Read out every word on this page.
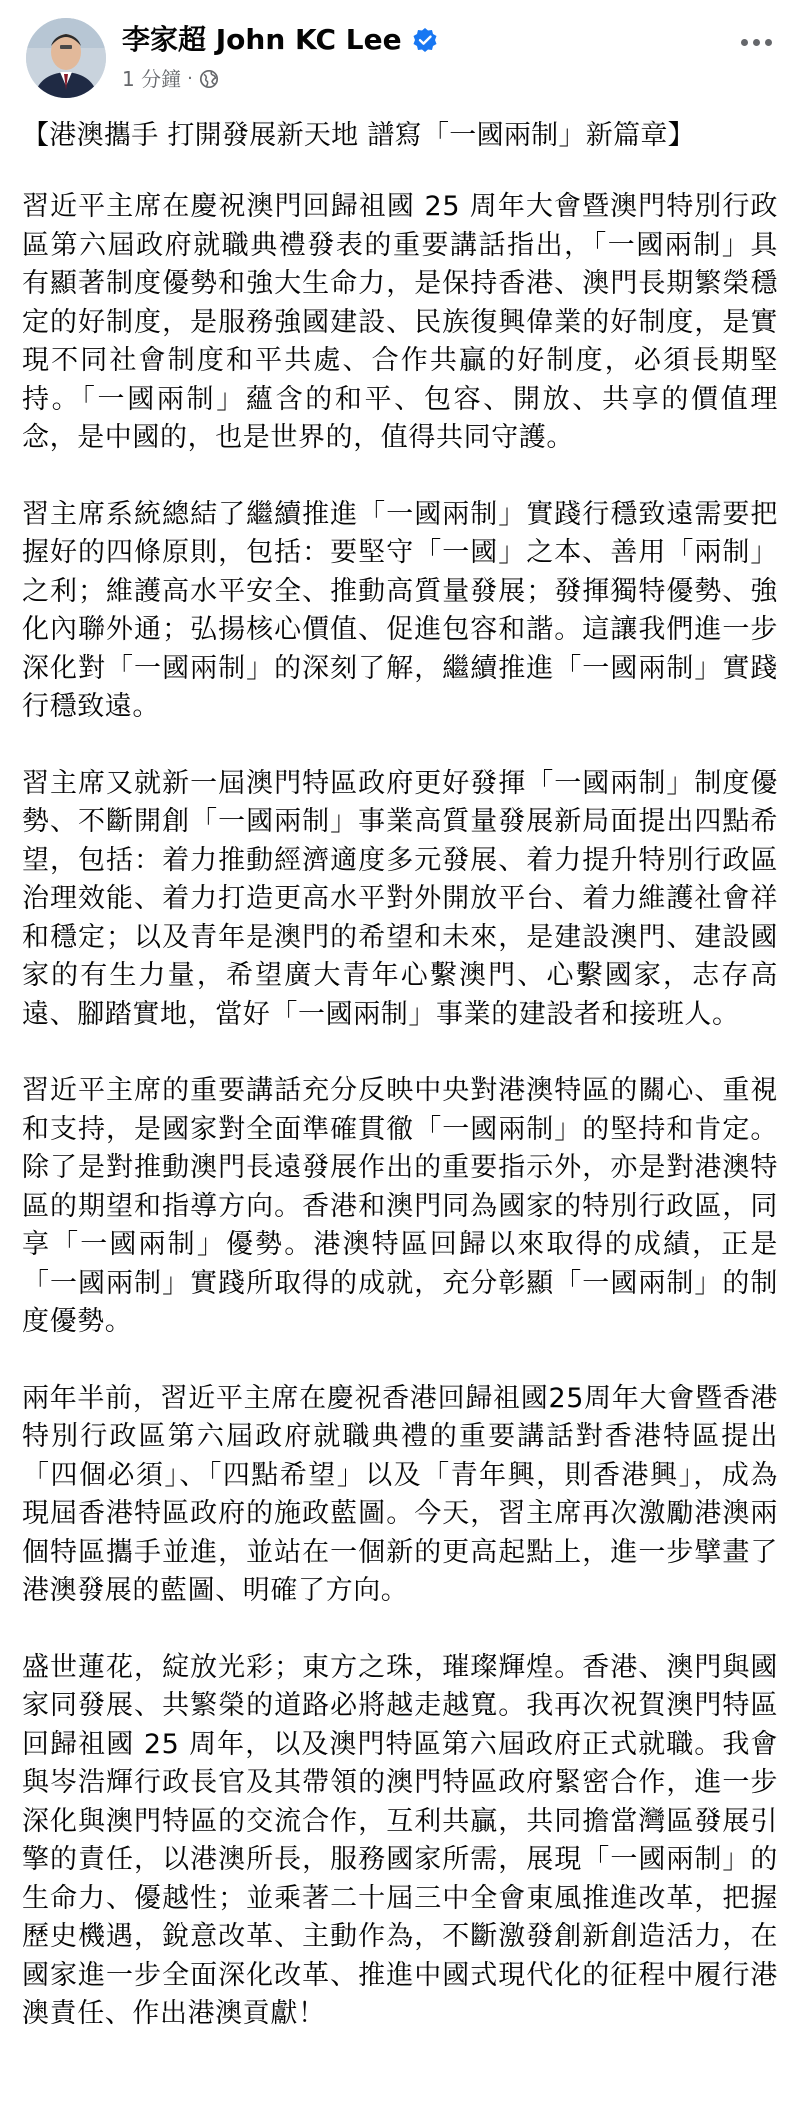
李家超 John KC Lee
1 分鐘 ·
【港澳攜手 打開發展新天地 譜寫「一國兩制」新篇章】
習近平主席在慶祝澳門回歸祖國 25 周年大會暨澳門特別行政區第六屆政府就職典禮發表的重要講話指出，「一國兩制」具有顯著制度優勢和強大生命力，是保持香港、澳門長期繁榮穩定的好制度，是服務強國建設、民族復興偉業的好制度，是實現不同社會制度和平共處、合作共贏的好制度，必須長期堅持。「一國兩制」蘊含的和平、包容、開放、共享的價值理念，是中國的，也是世界的，值得共同守護。
習主席系統總結了繼續推進「一國兩制」實踐行穩致遠需要把握好的四條原則，包括：要堅守「一國」之本、善用「兩制」之利；維護高水平安全、推動高質量發展；發揮獨特優勢、強化內聯外通；弘揚核心價值、促進包容和諧。這讓我們進一步深化對「一國兩制」的深刻了解，繼續推進「一國兩制」實踐行穩致遠。
習主席又就新一屆澳門特區政府更好發揮「一國兩制」制度優勢、不斷開創「一國兩制」事業高質量發展新局面提出四點希望，包括：着力推動經濟適度多元發展、着力提升特別行政區治理效能、着力打造更高水平對外開放平台、着力維護社會祥和穩定；以及青年是澳門的希望和未來，是建設澳門、建設國家的有生力量，希望廣大青年心繫澳門、心繫國家，志存高遠、腳踏實地，當好「一國兩制」事業的建設者和接班人。
習近平主席的重要講話充分反映中央對港澳特區的關心、重視和支持，是國家對全面準確貫徹「一國兩制」的堅持和肯定。除了是對推動澳門長遠發展作出的重要指示外，亦是對港澳特區的期望和指導方向。香港和澳門同為國家的特別行政區，同享「一國兩制」優勢。港澳特區回歸以來取得的成績，正是「一國兩制」實踐所取得的成就，充分彰顯「一國兩制」的制度優勢。
兩年半前，習近平主席在慶祝香港回歸祖國25周年大會暨香港特別行政區第六屆政府就職典禮的重要講話對香港特區提出「四個必須」、「四點希望」以及「青年興，則香港興」，成為現屆香港特區政府的施政藍圖。今天，習主席再次激勵港澳兩個特區攜手並進，並站在一個新的更高起點上，進一步擘畫了港澳發展的藍圖、明確了方向。
盛世蓮花，綻放光彩；東方之珠，璀璨輝煌。香港、澳門與國家同發展、共繁榮的道路必將越走越寬。我再次祝賀澳門特區回歸祖國 25 周年，以及澳門特區第六屆政府正式就職。我會與岑浩輝行政長官及其帶領的澳門特區政府緊密合作，進一步深化與澳門特區的交流合作，互利共贏，共同擔當灣區發展引擎的責任，以港澳所長，服務國家所需，展現「一國兩制」的生命力、優越性；並乘著二十屆三中全會東風推進改革，把握歷史機遇，銳意改革、主動作為，不斷激發創新創造活力，在國家進一步全面深化改革、推進中國式現代化的征程中履行港澳責任、作出港澳貢獻！
